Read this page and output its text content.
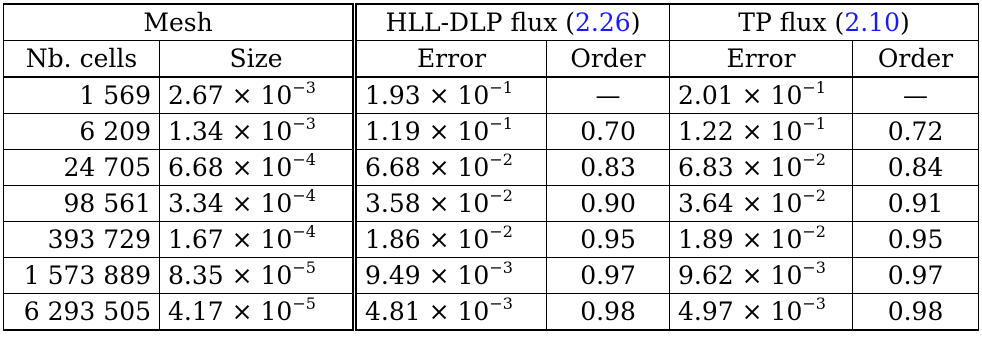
Mesh		HLL-DLP flux (2.26)		TP flux (2.10)	
Nb. cells	Size	Error	Order	Error	Order
1 569	$2.67 \times 10^{-3}$	$1.93 \times 10^{-1}$	—	$2.01 \times 10^{-1}$	—
6 209	$1.34 \times 10^{-3}$	$1.19 \times 10^{-1}$	0.70	$1.22 \times 10^{-1}$	0.72
24 705	$6.68 \times 10^{-4}$	$6.68 \times 10^{-2}$	0.83	$6.83 \times 10^{-2}$	0.84
98 561	$3.34 \times 10^{-4}$	$3.58 \times 10^{-2}$	0.90	$3.64 \times 10^{-2}$	0.91
393 729	$1.67 \times 10^{-4}$	$1.86 \times 10^{-2}$	0.95	$1.89 \times 10^{-2}$	0.95
1 573 889	$8.35 \times 10^{-5}$	$9.49 \times 10^{-3}$	0.97	$9.62 \times 10^{-3}$	0.97
6 293 505	$4.17 \times 10^{-5}$	$4.81 \times 10^{-3}$	0.98	$4.97 \times 10^{-3}$	0.98
